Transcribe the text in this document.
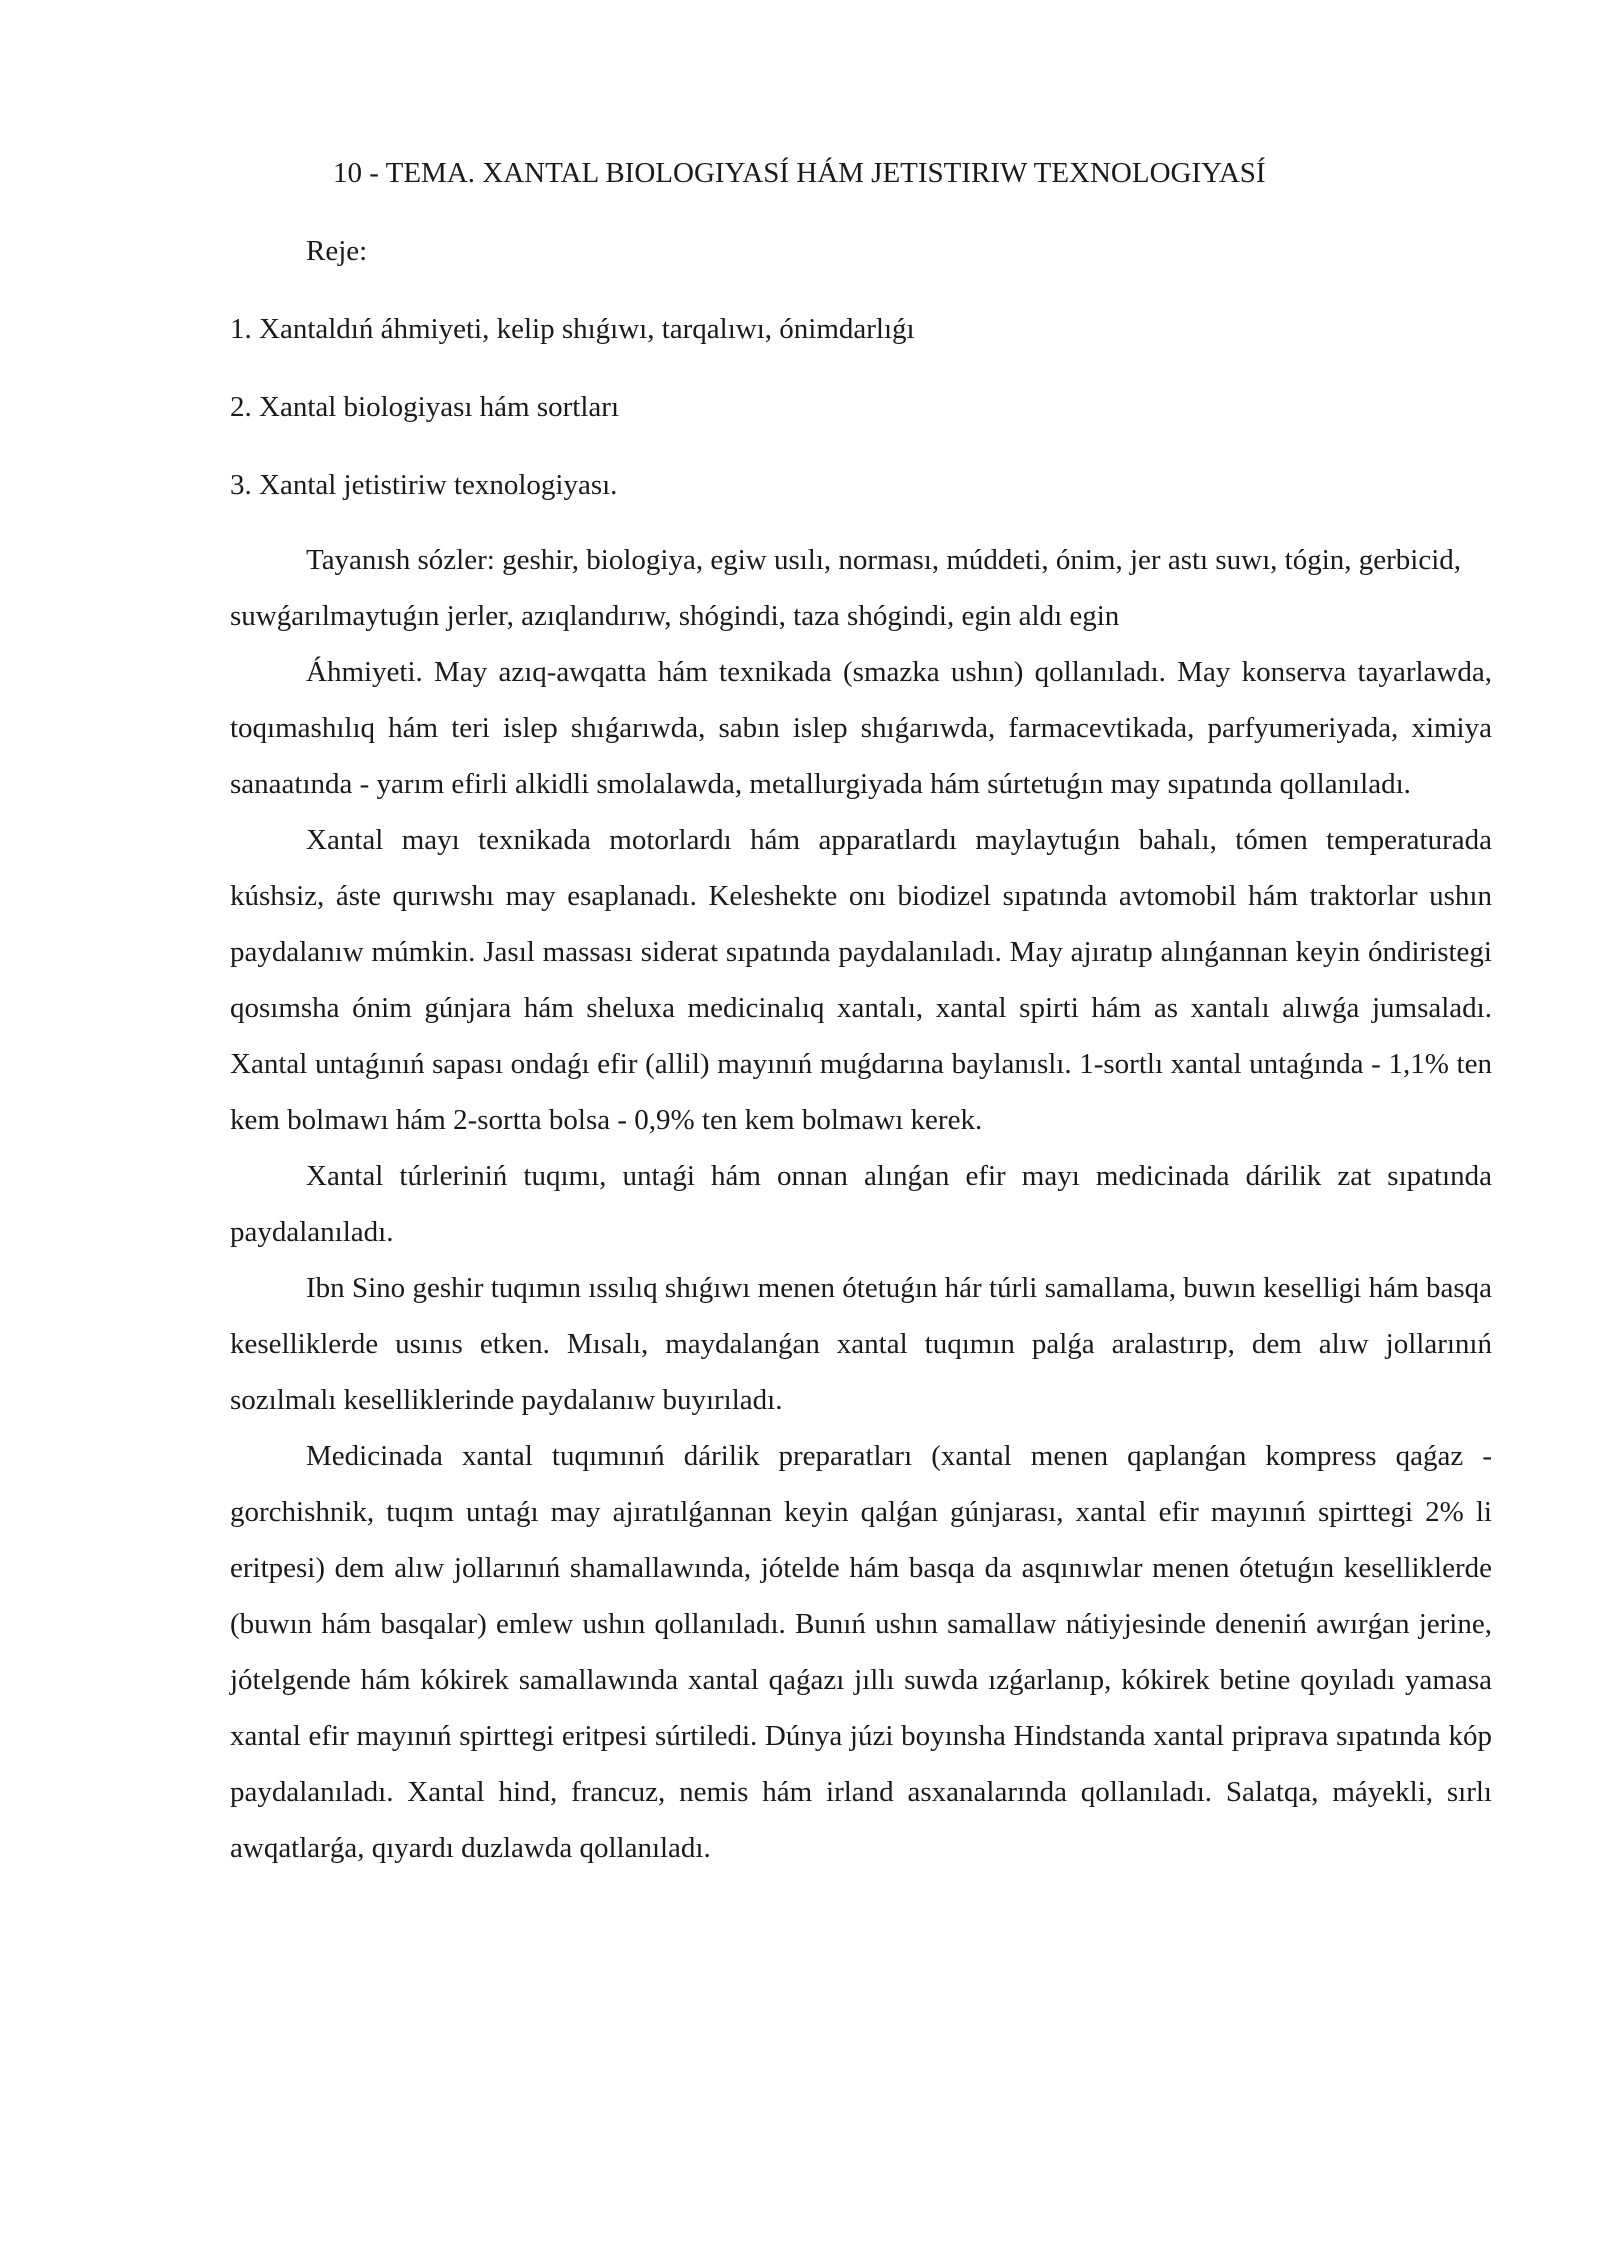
10 - TEMA. XANTAL BIOLOGIYASÍ HÁM JETISTIRIW TEXNOLOGIYASÍ

Reje:

1. Xantaldıń áhmiyeti, kelip shıǵıwı, tarqalıwı, ónimdarlıǵı
2. Xantal biologiyası hám sortları
3. Xantal jetistiriw texnologiyası.

Tayanısh sózler: geshir, biologiya, egiw usılı, norması, múddeti, ónim, jer astı suwı, tógin, gerbicid, suwǵarılmaytuǵın jerler, azıqlandırıw, shógindi, taza shógindi, egin aldı egin

Áhmiyeti. May azıq-awqatta hám texnikada (smazka ushın) qollanıladı. May konserva tayarlawda, toqımashılıq hám teri islep shıǵarıwda, sabın islep shıǵarıwda, farmacevtikada, parfyumeriyada, ximiya sanaatında - yarım efirli alkidli smolalawda, metallurgiyada hám súrtetuǵın may sıpatında qollanıladı.

Xantal mayı texnikada motorlardı hám apparatlardı maylaytuǵın bahalı, tómen temperaturada kúshsiz, áste qurıwshı may esaplanadı. Keleshekte onı biodizel sıpatında avtomobil hám traktorlar ushın paydalanıw múmkin. Jasıl massası siderat sıpatında paydalanıladı. May ajıratıp alınǵannan keyin óndiristegi qosımsha ónim gúnjara hám sheluxa medicinalıq xantalı, xantal spirti hám as xantalı alıwǵa jumsaladı. Xantal untaǵınıń sapası ondaǵı efir (allil) mayınıń muǵdarına baylanıslı. 1-sortlı xantal untaǵında - 1,1% ten kem bolmawı hám 2-sortta bolsa - 0,9% ten kem bolmawı kerek.

Xantal túrleriniń tuqımı, untaǵi hám onnan alınǵan efir mayı medicinada dárilik zat sıpatında paydalanıladı.

Ibn Sino geshir tuqımın ıssılıq shıǵıwı menen ótetuǵın hár túrli samallama, buwın keselligi hám basqa keselliklerde usınıs etken. Mısalı, maydalanǵan xantal tuqımın palǵa aralastırıp, dem alıw jollarınıń sozılmalı keselliklerinde paydalanıw buyırıladı.

Medicinada xantal tuqımınıń dárilik preparatları (xantal menen qaplanǵan kompress qaǵaz - gorchishnik, tuqım untaǵı may ajıratılǵannan keyin qalǵan gúnjarası, xantal efir mayınıń spirttegi 2% li eritpesi) dem alıw jollarınıń shamallawında, jótelde hám basqa da asqınıwlar menen ótetuǵın keselliklerde (buwın hám basqalar) emlew ushın qollanıladı. Bunıń ushın samallaw nátiyjesinde deneniń awırǵan jerine, jótelgende hám kókirek samallawında xantal qaǵazı jıllı suwda ızǵarlanıp, kókirek betine qoyıladı yamasa xantal efir mayınıń spirttegi eritpesi súrtiledi. Dúnya júzi boyınsha Hindstanda xantal priprava sıpatında kóp paydalanıladı. Xantal hind, francuz, nemis hám irland asxanalarında qollanıladı. Salatqa, máyekli, sırlı awqatlarǵa, qıyardı duzlawda qollanıladı.
